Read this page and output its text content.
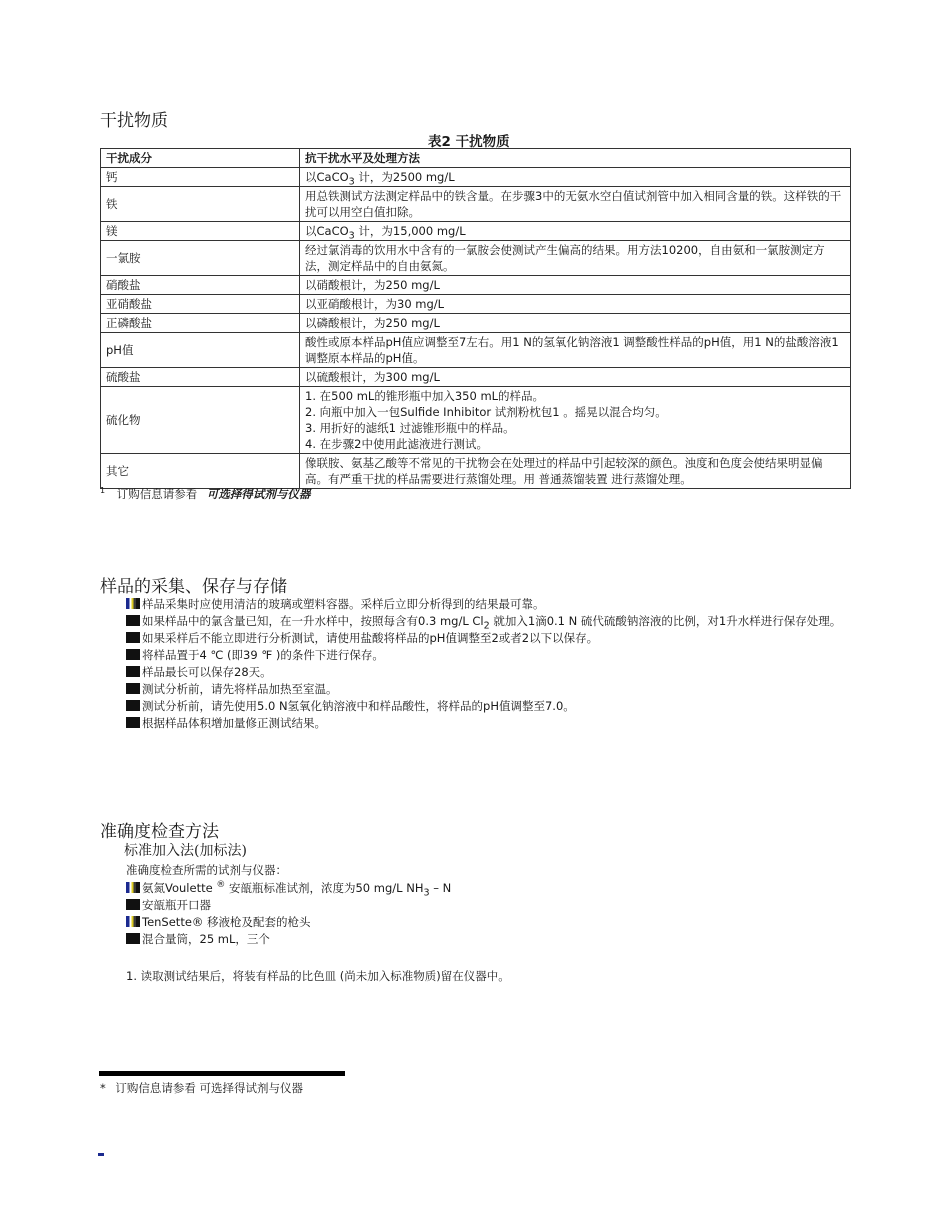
干扰物质
表2 干扰物质
干扰成分	抗干扰水平及处理方法
钙	以CaCO$_3$ 计，为2500 mg/L
铁	用总铁测试方法测定样品中的铁含量。在步骤3中的无氨水空白值试剂管中加入相同含量的铁。这样铁的干扰可以用空白值扣除。
镁	以CaCO$_3$ 计，为15,000 mg/L
一氯胺	经过氯消毒的饮用水中含有的一氯胺会使测试产生偏高的结果。用方法10200，自由氨和一氯胺测定方法，测定样品中的自由氨氮。
硝酸盐	以硝酸根计，为250 mg/L
亚硝酸盐	以亚硝酸根计，为30 mg/L
正磷酸盐	以磷酸根计，为250 mg/L
pH值	酸性或原本样品pH值应调整至7左右。用1 N的氢氧化钠溶液1 调整酸性样品的pH值，用1 N的盐酸溶液1 调整原本样品的pH值。
硫酸盐	以硫酸根计，为300 mg/L
硫化物	1. 在500 mL的锥形瓶中加入350 mL的样品。
2. 向瓶中加入一包Sulfide Inhibitor 试剂粉枕包1 。摇晃以混合均匀。
3. 用折好的滤纸1 过滤锥形瓶中的样品。
4. 在步骤2中使用此滤液进行测试。

其它	像联胺、氨基乙酸等不常见的干扰物会在处理过的样品中引起较深的颜色。浊度和色度会使结果明显偏高。有严重干扰的样品需要进行蒸馏处理。用 普通蒸馏装置 进行蒸馏处理。
$^1$ 订购信息请参看 可选择得试剂与仪器
样品的采集、保存与存储
样品采集时应使用清洁的玻璃或塑料容器。采样后立即分析得到的结果最可靠。
如果样品中的氯含量已知，在一升水样中，按照每含有0.3 mg/L $Cl_2$ 就加入1滴0.1 N 硫代硫酸钠溶液的比例，对1升水样进行保存处理。
如果采样后不能立即进行分析测试，请使用盐酸将样品的pH值调整至2或者2以下以保存。
将样品置于4 ℃ (即39 ℉ )的条件下进行保存。
样品最长可以保存28天。
测试分析前，请先将样品加热至室温。
测试分析前，请先使用5.0 N氢氧化钠溶液中和样品酸性，将样品的pH值调整至7.0。
根据样品体积增加量修正测试结果。
准确度检查方法
标准加入法(加标法)
准确度检查所需的试剂与仪器：
氨氮Voulette ® 安瓿瓶标准试剂，浓度为50 mg/L $NH_3$ – N
安瓿瓶开口器
TenSette® 移液枪及配套的枪头
混合量筒，25 mL，三个
1. 读取测试结果后，将装有样品的比色皿 (尚未加入标准物质)留在仪器中。
* 订购信息请参看 可选择得试剂与仪器
